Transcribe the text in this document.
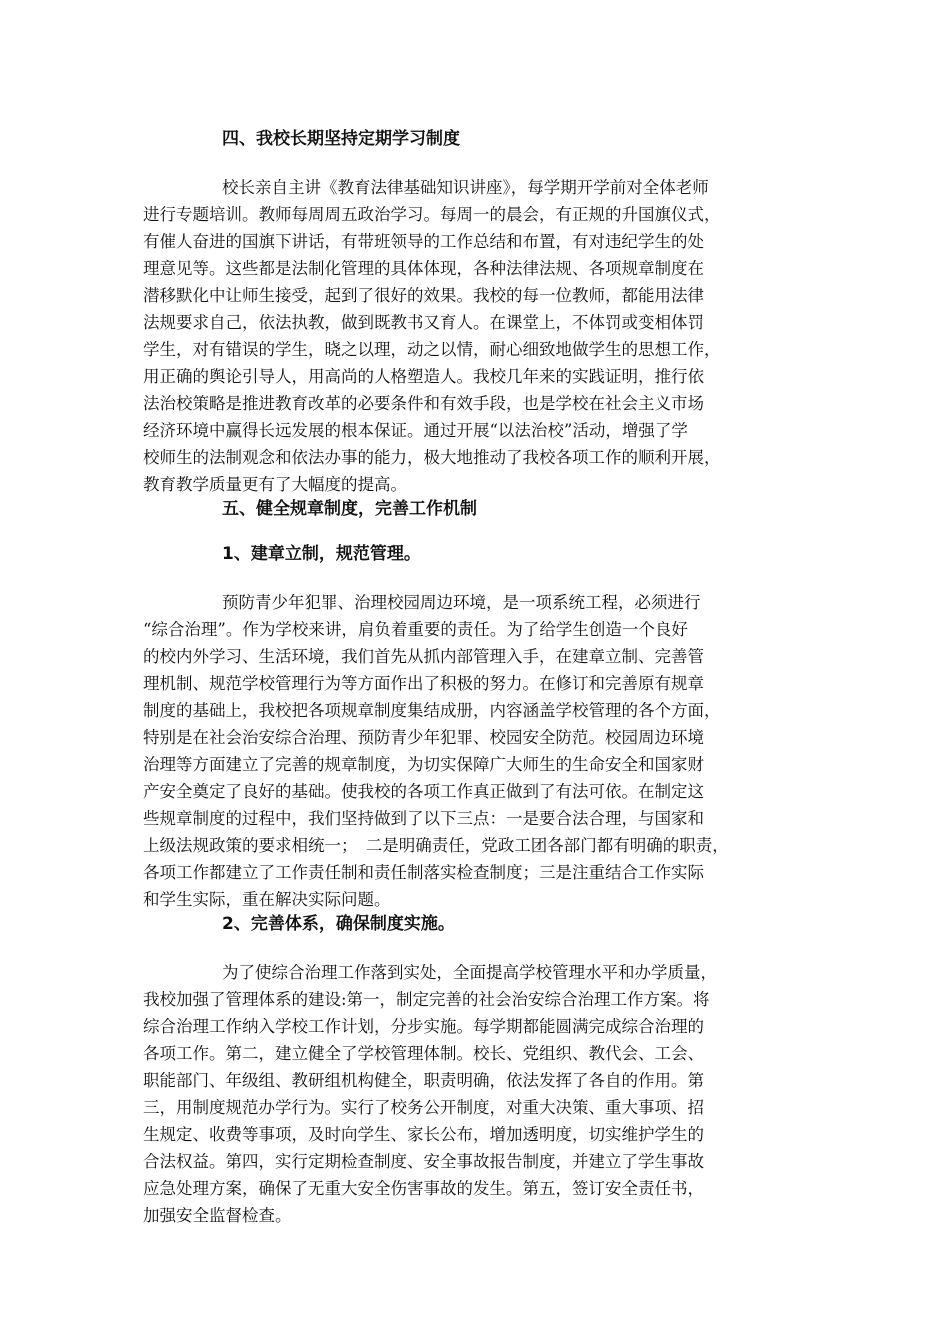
四、我校长期坚持定期学习制度
校长亲自主讲《教育法律基础知识讲座》，每学期开学前对全体老师
进行专题培训。教师每周周五政治学习。每周一的晨会，有正规的升国旗仪式，
有催人奋进的国旗下讲话，有带班领导的工作总结和布置，有对违纪学生的处
理意见等。这些都是法制化管理的具体体现，各种法律法规、各项规章制度在
潜移默化中让师生接受，起到了很好的效果。我校的每一位教师，都能用法律
法规要求自己，依法执教，做到既教书又育人。在课堂上，不体罚或变相体罚
学生，对有错误的学生，晓之以理，动之以情，耐心细致地做学生的思想工作，
用正确的舆论引导人，用高尚的人格塑造人。我校几年来的实践证明，推行依
法治校策略是推进教育改革的必要条件和有效手段，也是学校在社会主义市场
经济环境中赢得长远发展的根本保证。通过开展“以法治校”活动，增强了学
校师生的法制观念和依法办事的能力，极大地推动了我校各项工作的顺利开展，
教育教学质量更有了大幅度的提高。
五、健全规章制度，完善工作机制
1、建章立制，规范管理。
预防青少年犯罪、治理校园周边环境，是一项系统工程，必须进行
“综合治理”。作为学校来讲，肩负着重要的责任。为了给学生创造一个良好
的校内外学习、生活环境，我们首先从抓内部管理入手，在建章立制、完善管
理机制、规范学校管理行为等方面作出了积极的努力。在修订和完善原有规章
制度的基础上，我校把各项规章制度集结成册，内容涵盖学校管理的各个方面，
特别是在社会治安综合治理、预防青少年犯罪、校园安全防范。校园周边环境
治理等方面建立了完善的规章制度，为切实保障广大师生的生命安全和国家财
产安全奠定了良好的基础。使我校的各项工作真正做到了有法可依。在制定这
些规章制度的过程中，我们坚持做到了以下三点：一是要合法合理，与国家和
上级法规政策的要求相统一；　二是明确责任，党政工团各部门都有明确的职责，
各项工作都建立了工作责任制和责任制落实检查制度；三是注重结合工作实际
和学生实际，重在解决实际问题。
2、完善体系，确保制度实施。
为了使综合治理工作落到实处，全面提高学校管理水平和办学质量，
我校加强了管理体系的建设:第一，制定完善的社会治安综合治理工作方案。将
综合治理工作纳入学校工作计划，分步实施。每学期都能圆满完成综合治理的
各项工作。第二，建立健全了学校管理体制。校长、党组织、教代会、工会、
职能部门、年级组、教研组机构健全，职责明确，依法发挥了各自的作用。第
三，用制度规范办学行为。实行了校务公开制度，对重大决策、重大事项、招
生规定、收费等事项，及时向学生、家长公布，增加透明度，切实维护学生的
合法权益。第四，实行定期检查制度、安全事故报告制度，并建立了学生事故
应急处理方案，确保了无重大安全伤害事故的发生。第五，签订安全责任书，
加强安全监督检查。
